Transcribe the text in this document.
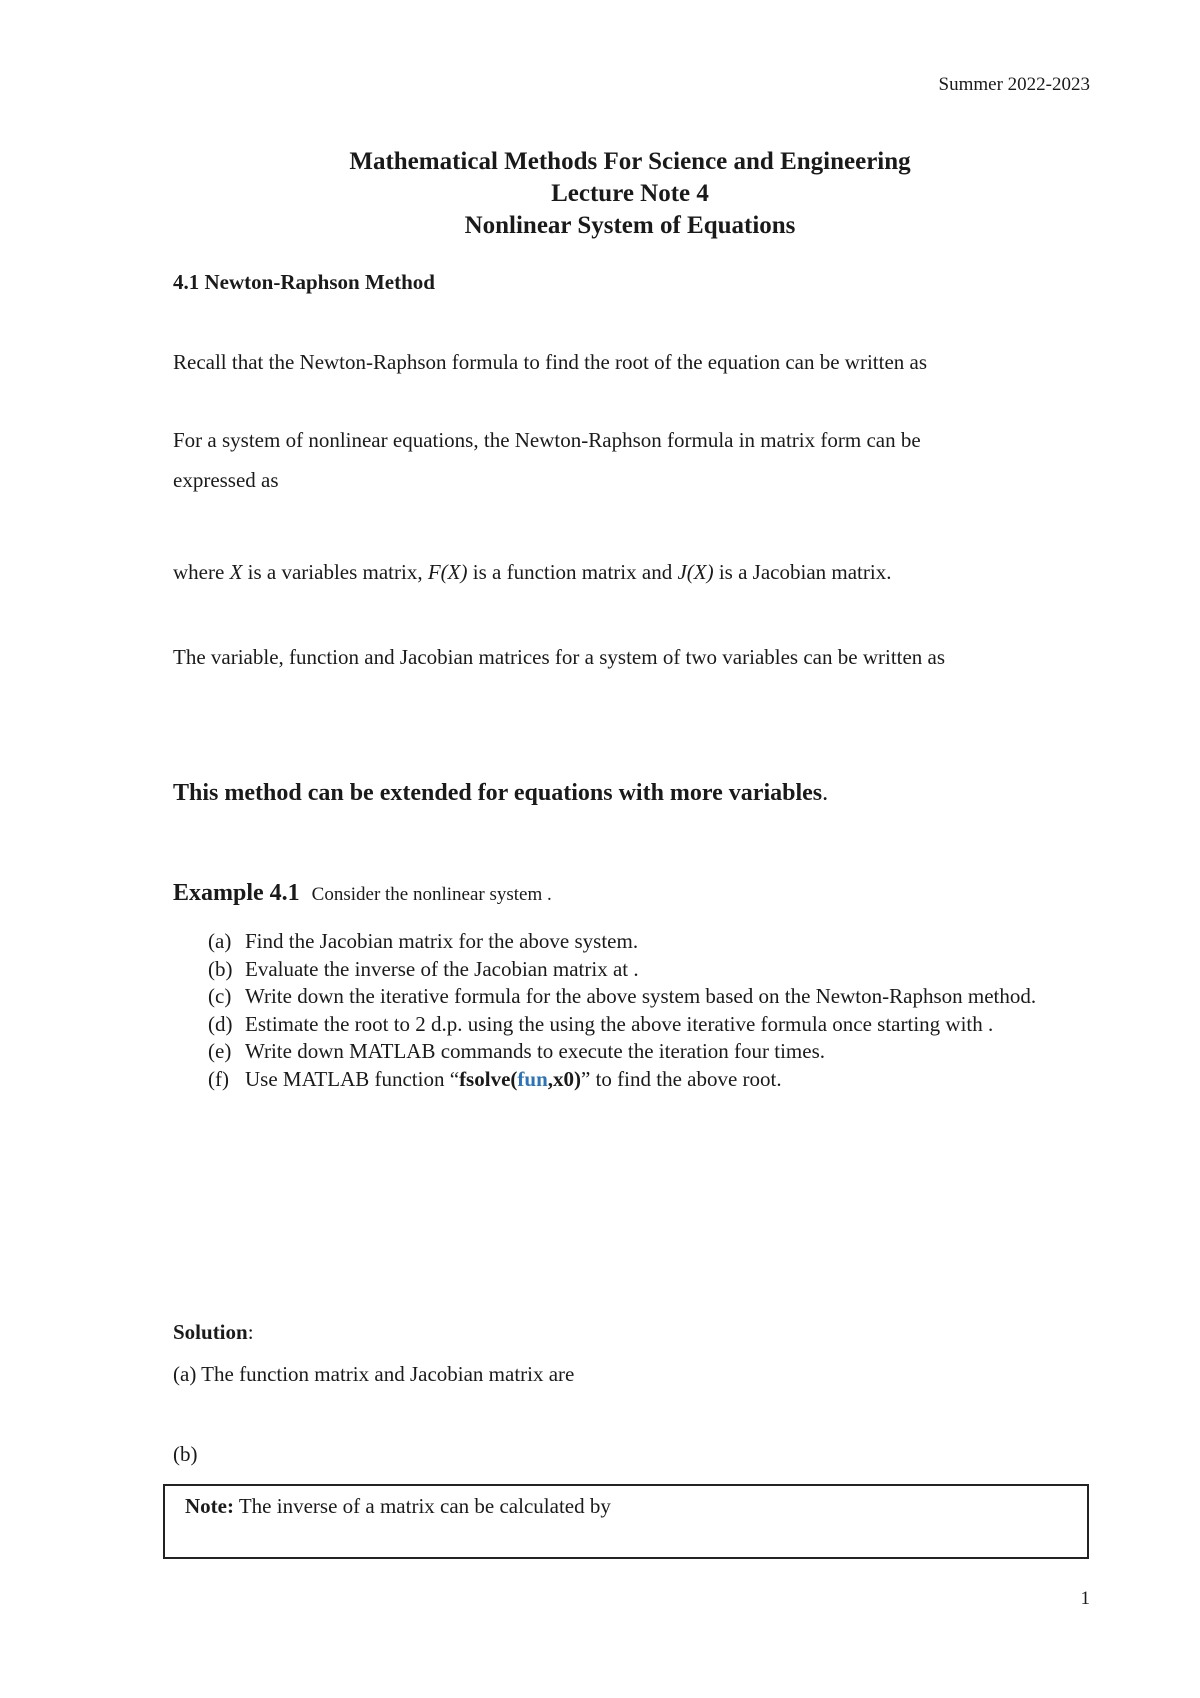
Summer 2022-2023
Mathematical Methods For Science and Engineering
Lecture Note 4
Nonlinear System of Equations
4.1 Newton-Raphson Method
Recall that the Newton-Raphson formula to find the root of the equation can be written as
For a system of nonlinear equations, the Newton-Raphson formula in matrix form can be
expressed as
where X is a variables matrix, F(X) is a function matrix and J(X) is a Jacobian matrix.
The variable, function and Jacobian matrices for a system of two variables can be written as
This method can be extended for equations with more variables.
Example 4.1 Consider the nonlinear system .
(a) Find the Jacobian matrix for the above system.
(b) Evaluate the inverse of the Jacobian matrix at .
(c) Write down the iterative formula for the above system based on the Newton-Raphson method.
(d) Estimate the root to 2 d.p. using the using the above iterative formula once starting with .
(e) Write down MATLAB commands to execute the iteration four times.
(f) Use MATLAB function “fsolve(fun,x0)” to find the above root.
Solution:
(a) The function matrix and Jacobian matrix are
(b)
Note: The inverse of a matrix can be calculated by
1
